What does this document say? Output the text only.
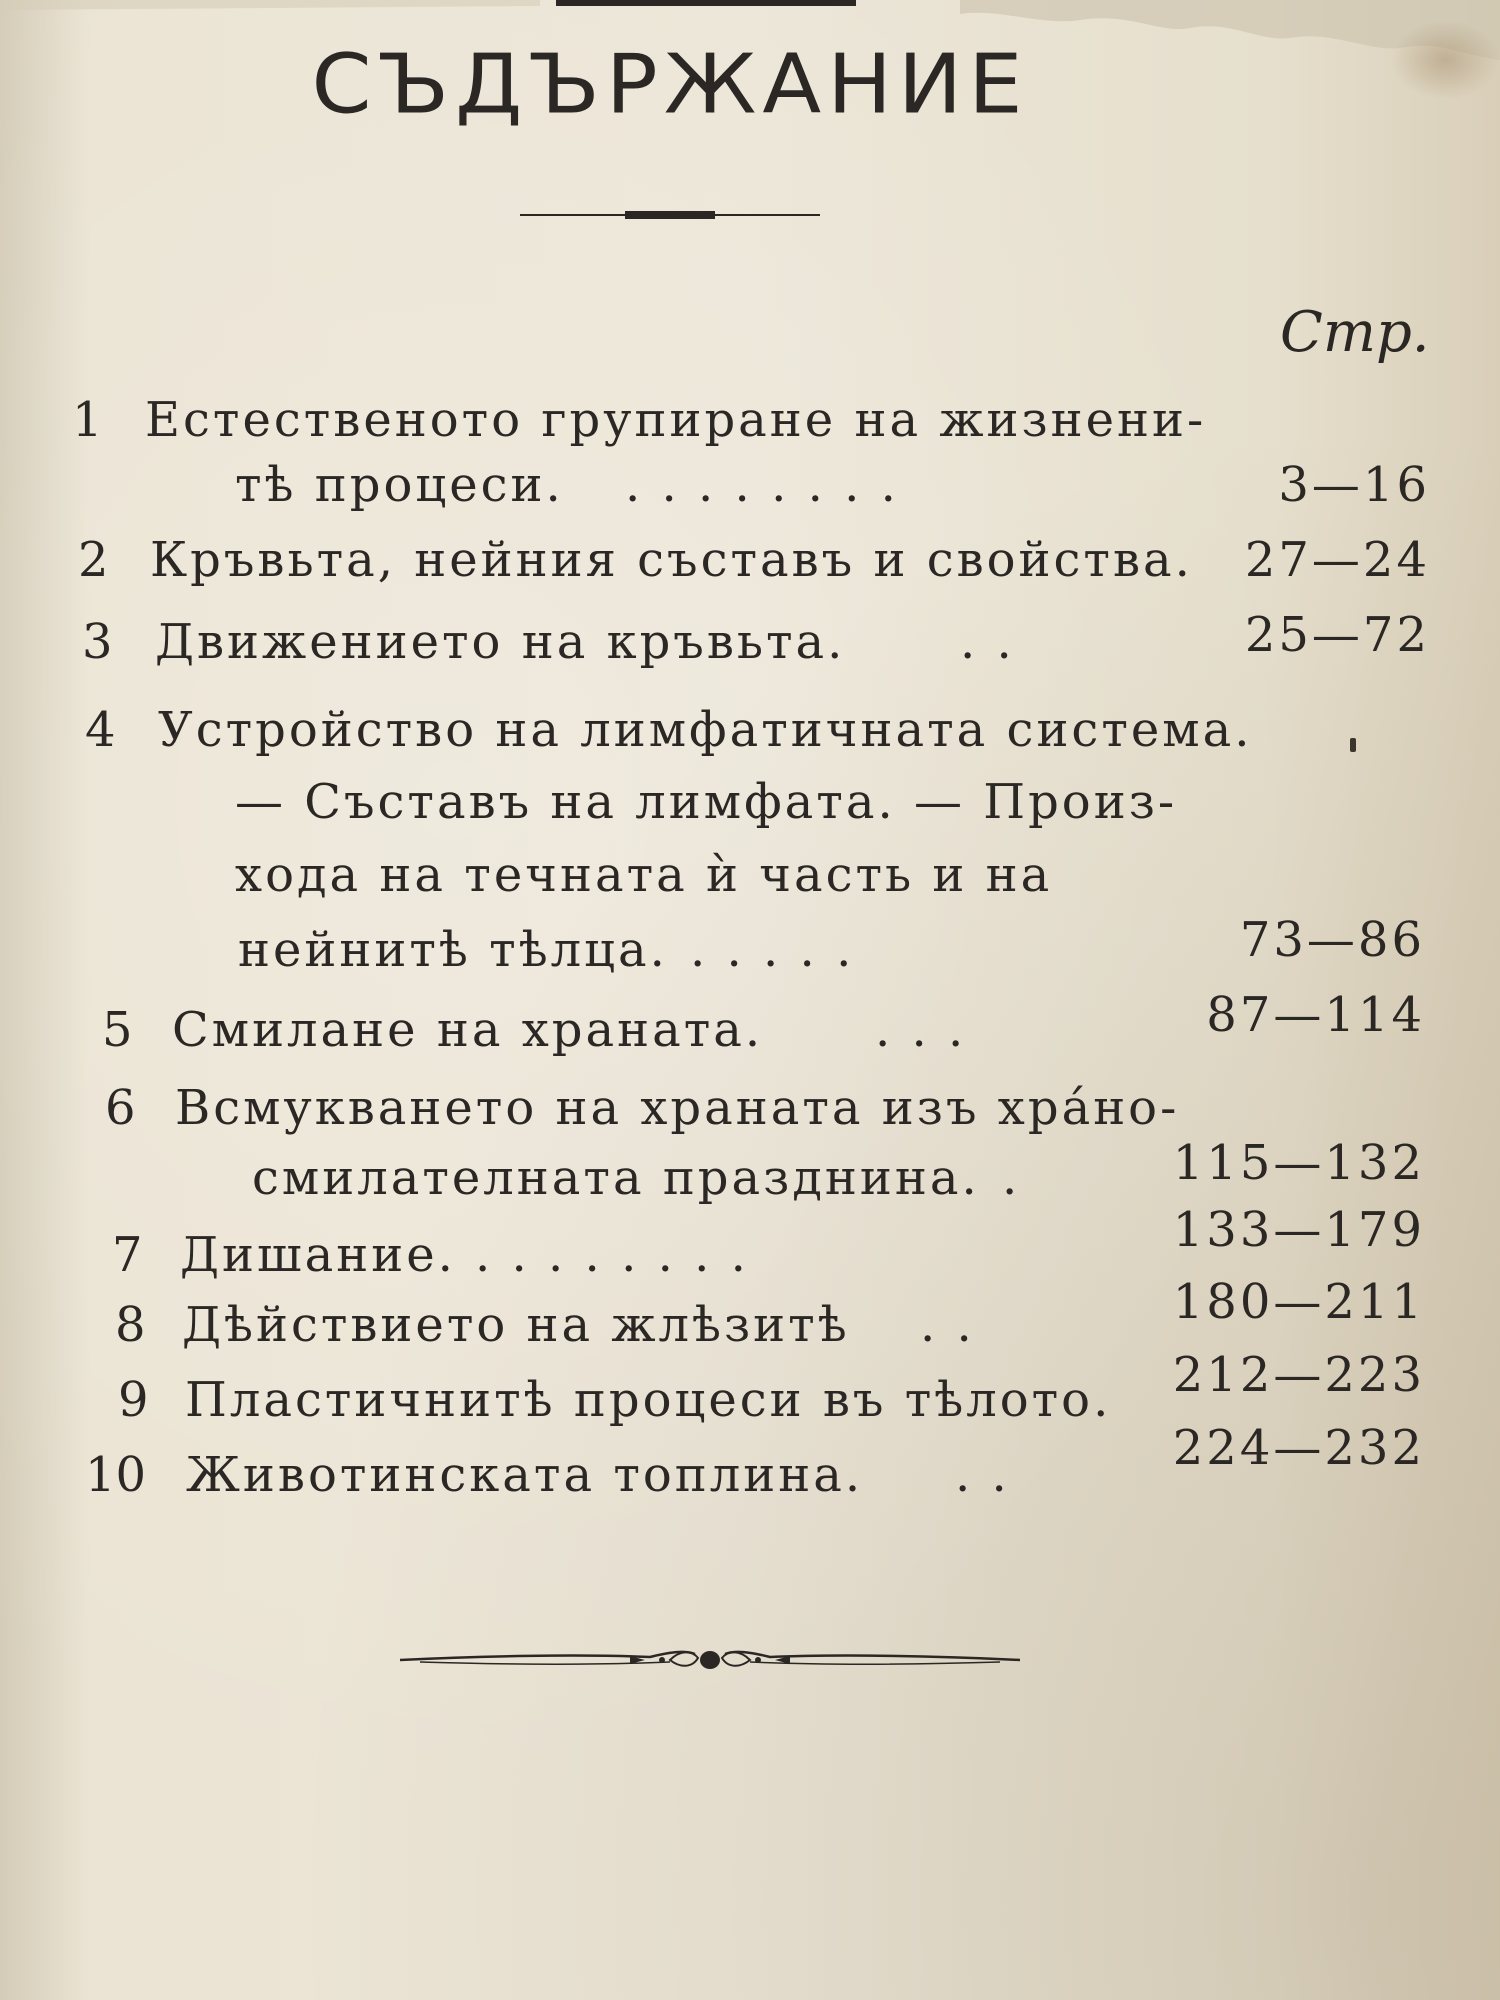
СЪДЪРЖАНИЕ
Стр.
1 Естественото групиране на жизнени-
тѣ процеси. . . . . . . . .	3—16
2 Кръвьта, нейния съставъ и свойства.	27—24
3 Движението на кръвьта. . .	25—72
4 Устройство на лимфатичната система.
— Съставъ на лимфата. — Произ-
хода на течната ѝ часть и на
нейнитѣ тѣлца. . . . . .	73—86
5 Смилане на храната. . . .	87—114
6 Всмукването на храната изъ хрáно-
смилателната празднина. .	115—132
7 Дишание. . . . . . . . .	133—179
8 Дѣйствието на жлѣзитѣ . .	180—211
9 Пластичнитѣ процеси въ тѣлото.	212—223
10 Животинската топлина. . .	224—232
